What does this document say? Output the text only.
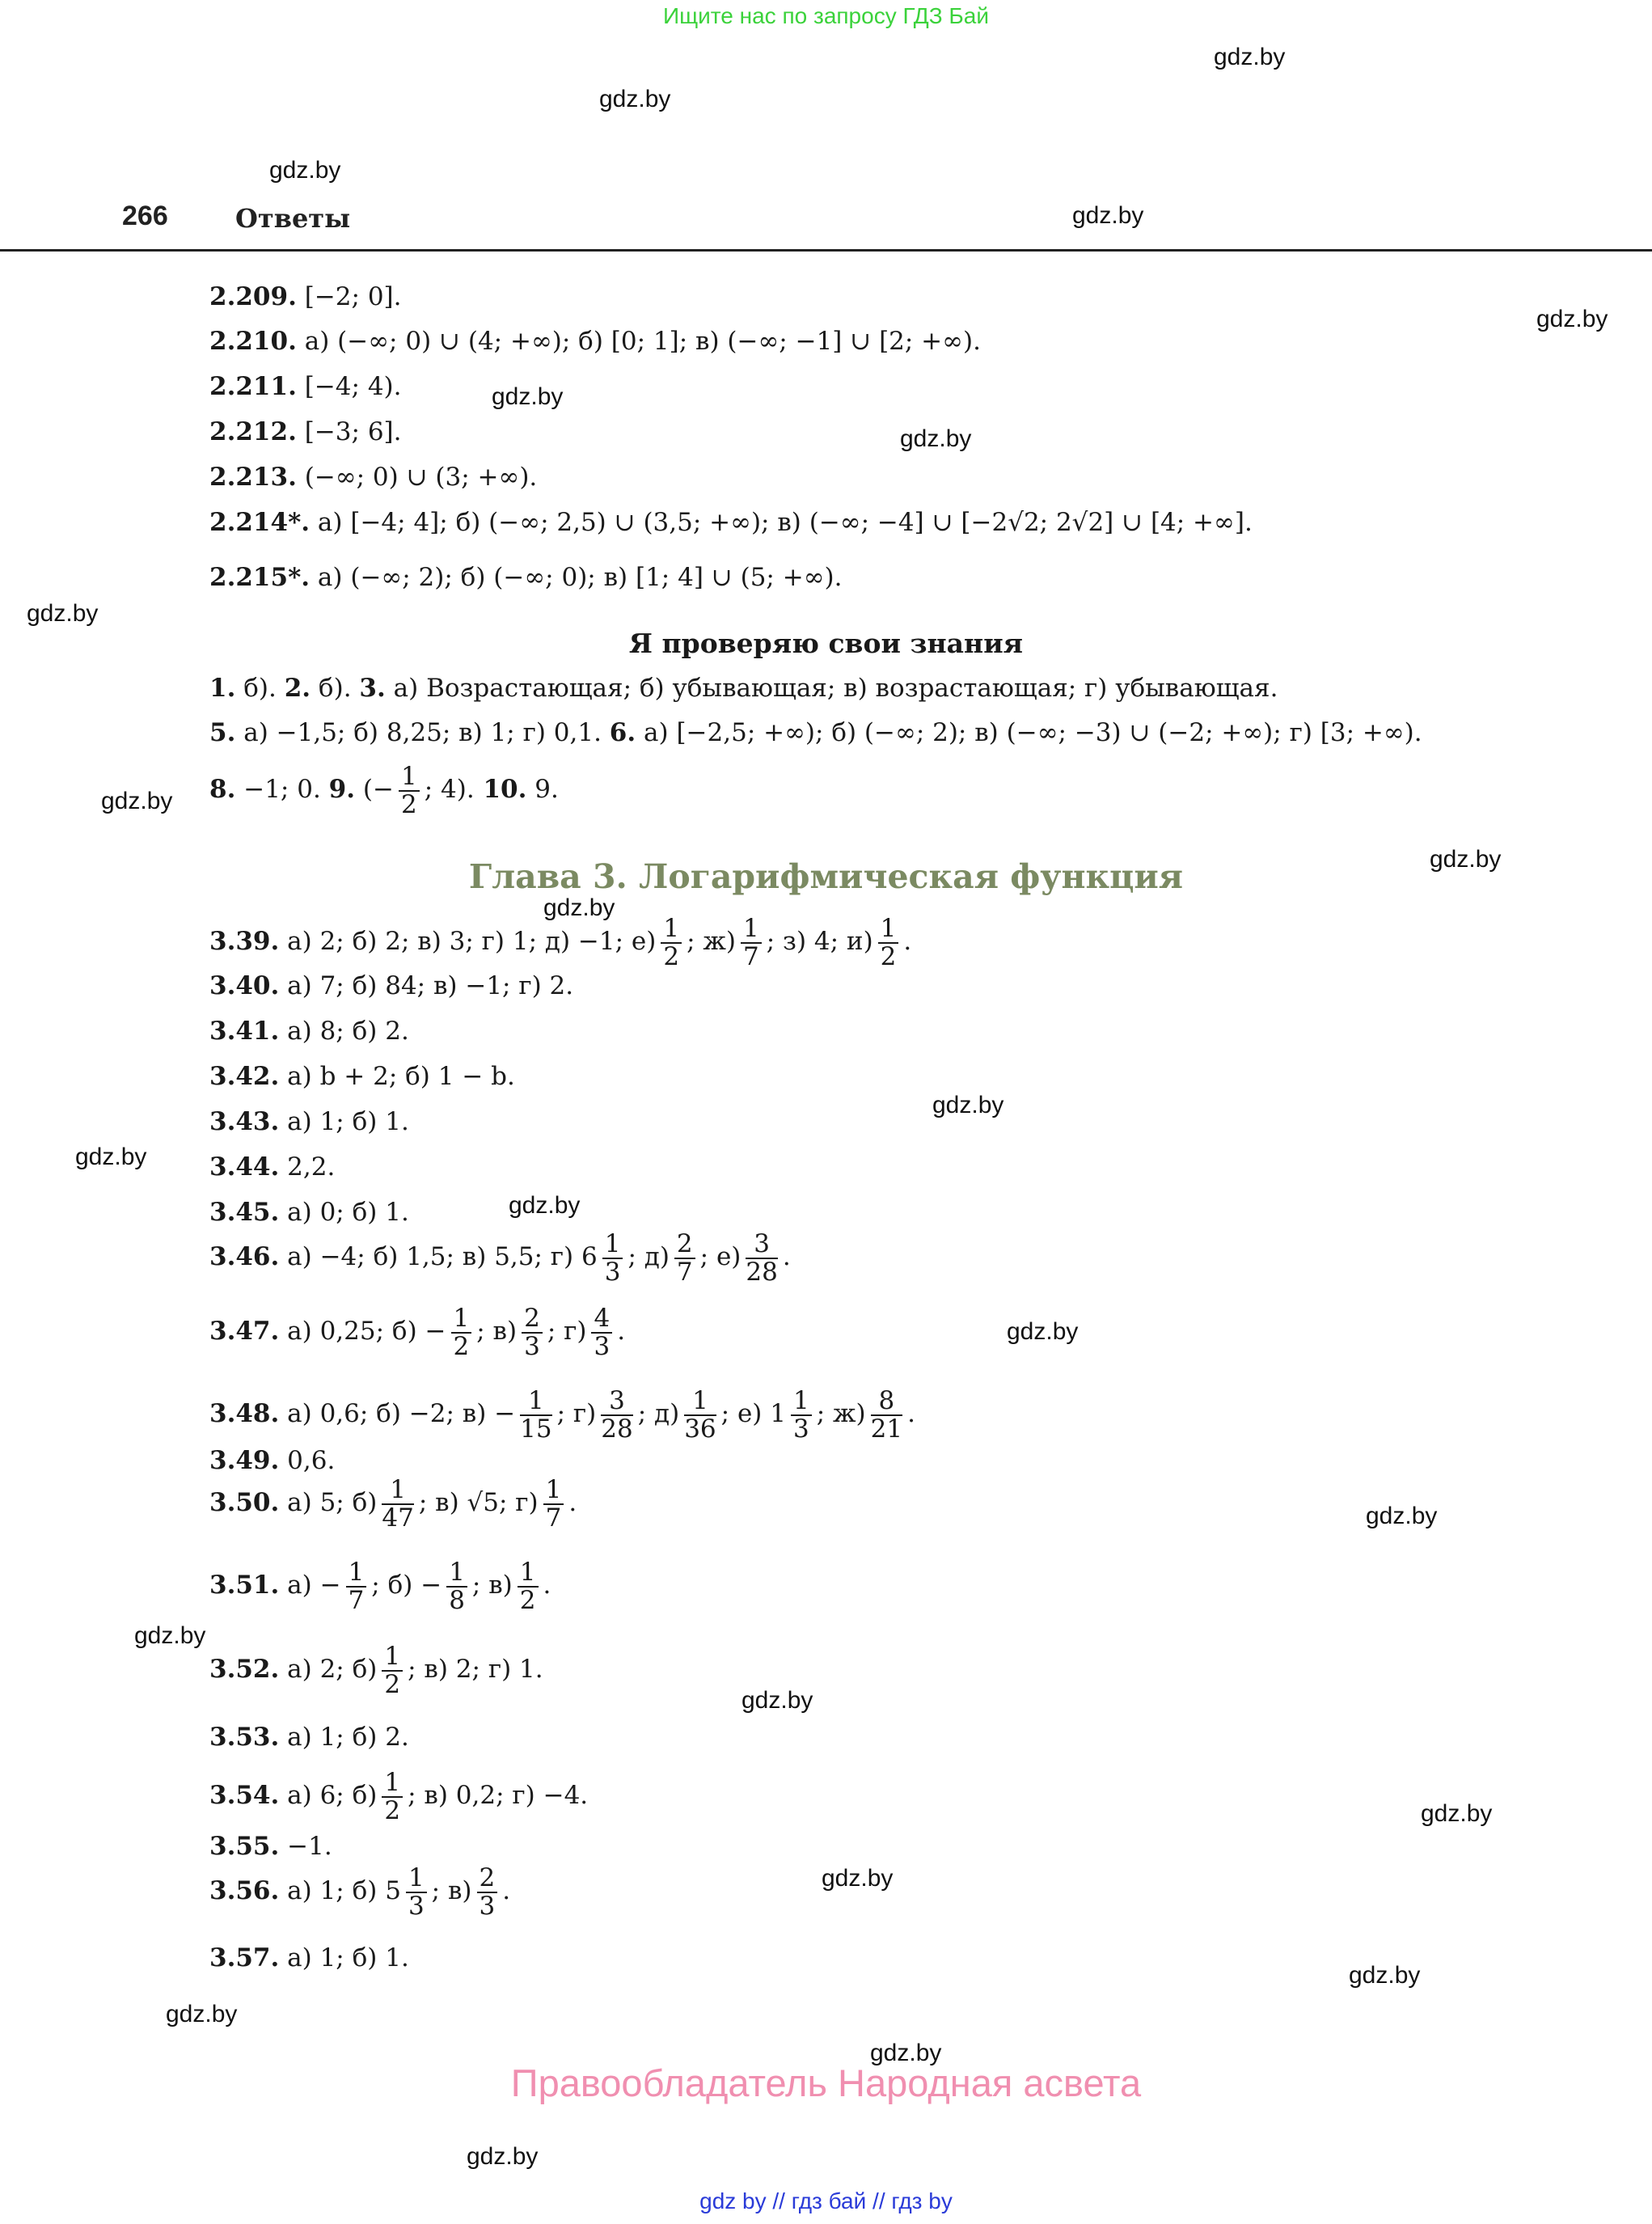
Ищите нас по запросу ГДЗ Бай
gdz.by
gdz.by
gdz.by
gdz.by
gdz.by
gdz.by
gdz.by
gdz.by
gdz.by
gdz.by
gdz.by
gdz.by
gdz.by
gdz.by
gdz.by
gdz.by
gdz.by
gdz.by
gdz.by
gdz.by
gdz.by
gdz.by
gdz.by
gdz.by
266	Ответы
2.209. [−2; 0].
2.210. а) (−∞; 0) ∪ (4; +∞); б) [0; 1]; в) (−∞; −1] ∪ [2; +∞).
2.211. [−4; 4).
2.212. [−3; 6].
2.213. (−∞; 0) ∪ (3; +∞).
2.214*. а) [−4; 4]; б) (−∞; 2,5) ∪ (3,5; +∞); в) (−∞; −4] ∪ [−2√2; 2√2] ∪ [4; +∞].
2.215*. а) (−∞; 2); б) (−∞; 0); в) [1; 4] ∪ (5; +∞).
Я проверяю свои знания
1. б). 2. б). 3. а) Возрастающая; б) убывающая; в) возрастающая; г) убывающая.
5. а) −1,5; б) 8,25; в) 1; г) 0,1. 6. а) [−2,5; +∞); б) (−∞; 2); в) (−∞; −3) ∪ (−2; +∞); г) [3; +∞).
8. −1; 0. 9. (− $\frac{1}{2}$ ; 4). 10. 9.
Глава 3. Логарифмическая функция
3.39. а) 2; б) 2; в) 3; г) 1; д) −1; $е) \frac{1}{2}$ ; $ж) \frac{1}{7}$ ; з) 4; $и) \frac{1}{2}$ .
3.40. а) 7; б) 84; в) −1; г) 2.
3.41. а) 8; б) 2.
3.42. а) b + 2; б) 1 − b.
3.43. а) 1; б) 1.
3.44. 2,2.
3.45. а) 0; б) 1.
3.46. а) −4; б) 1,5; в) 5,5; г) $6 \frac{1}{3}$ ; $д) \frac{2}{7}$ ; $е) \frac{3}{28}$ .
3.47. а) 0,25; $б) - \frac{1}{2}$ ; $в) \frac{2}{3}$ ; $г) \frac{4}{3}$ .
3.48. а) 0,6; б) −2; $в) - \frac{1}{15}$ ; $г) \frac{3}{28}$ ; $д) \frac{1}{36}$ ; е) $1 \frac{1}{3}$ ; $ж) \frac{8}{21}$ .
3.49. 0,6.
3.50. а) 5; $б) \frac{1}{47}$ ; в) √5; $г) \frac{1}{7}$ .
3.51. $а) - \frac{1}{7}$ ; $б) - \frac{1}{8}$ ; $в) \frac{1}{2}$ .
3.52. а) 2; $б) \frac{1}{2}$ ; в) 2; г) 1.
3.53. а) 1; б) 2.
3.54. а) 6; $б) \frac{1}{2}$ ; в) 0,2; г) −4.
3.55. −1.
3.56. а) 1; б) $5 \frac{1}{3}$ ; $в) \frac{2}{3}$ .
3.57. а) 1; б) 1.
Правообладатель Народная асвета
gdz by // гдз бай // гдз by
